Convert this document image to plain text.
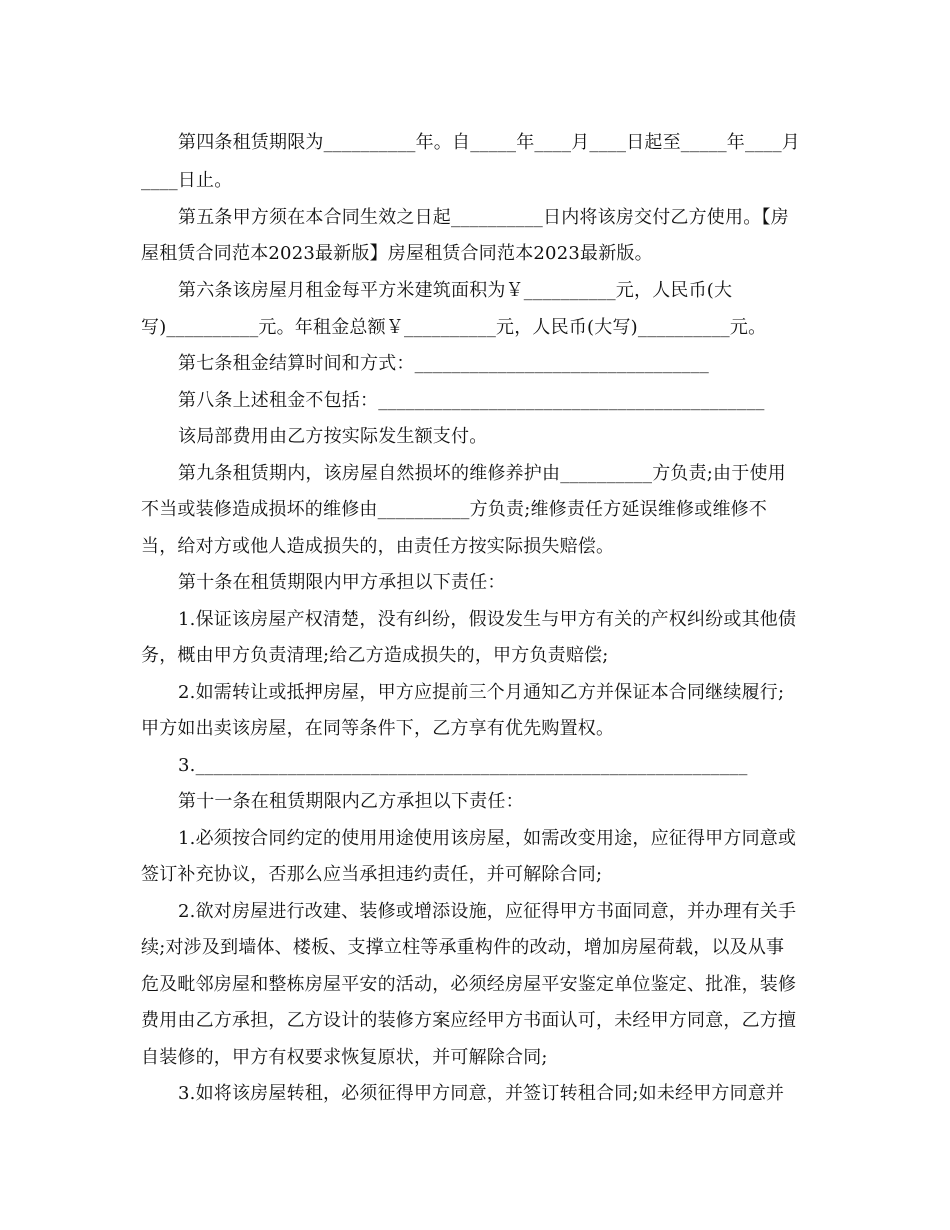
第四条租赁期限为__________年。自_____年____月____日起至_____年____月
____日止。
第五条甲方须在本合同生效之日起__________日内将该房交付乙方使用。【房
屋租赁合同范本2023最新版】房屋租赁合同范本2023最新版。
第六条该房屋月租金每平方米建筑面积为￥__________元，人民币(大
写)__________元。年租金总额￥__________元，人民币(大写)__________元。
第七条租金结算时间和方式：________________________________
第八条上述租金不包括：__________________________________________
该局部费用由乙方按实际发生额支付。
第九条租赁期内，该房屋自然损坏的维修养护由__________方负责;由于使用
不当或装修造成损坏的维修由__________方负责;维修责任方延误维修或维修不
当，给对方或他人造成损失的，由责任方按实际损失赔偿。
第十条在租赁期限内甲方承担以下责任：
1.保证该房屋产权清楚，没有纠纷，假设发生与甲方有关的产权纠纷或其他债
务，概由甲方负责清理;给乙方造成损失的，甲方负责赔偿;
2.如需转让或抵押房屋，甲方应提前三个月通知乙方并保证本合同继续履行;
甲方如出卖该房屋，在同等条件下，乙方享有优先购置权。
3.____________________________________________________________
第十一条在租赁期限内乙方承担以下责任：
1.必须按合同约定的使用用途使用该房屋，如需改变用途，应征得甲方同意或
签订补充协议，否那么应当承担违约责任，并可解除合同;
2.欲对房屋进行改建、装修或增添设施，应征得甲方书面同意，并办理有关手
续;对涉及到墙体、楼板、支撑立柱等承重构件的改动，增加房屋荷载，以及从事
危及毗邻房屋和整栋房屋平安的活动，必须经房屋平安鉴定单位鉴定、批准，装修
费用由乙方承担，乙方设计的装修方案应经甲方书面认可，未经甲方同意，乙方擅
自装修的，甲方有权要求恢复原状，并可解除合同;
3.如将该房屋转租，必须征得甲方同意，并签订转租合同;如未经甲方同意并
